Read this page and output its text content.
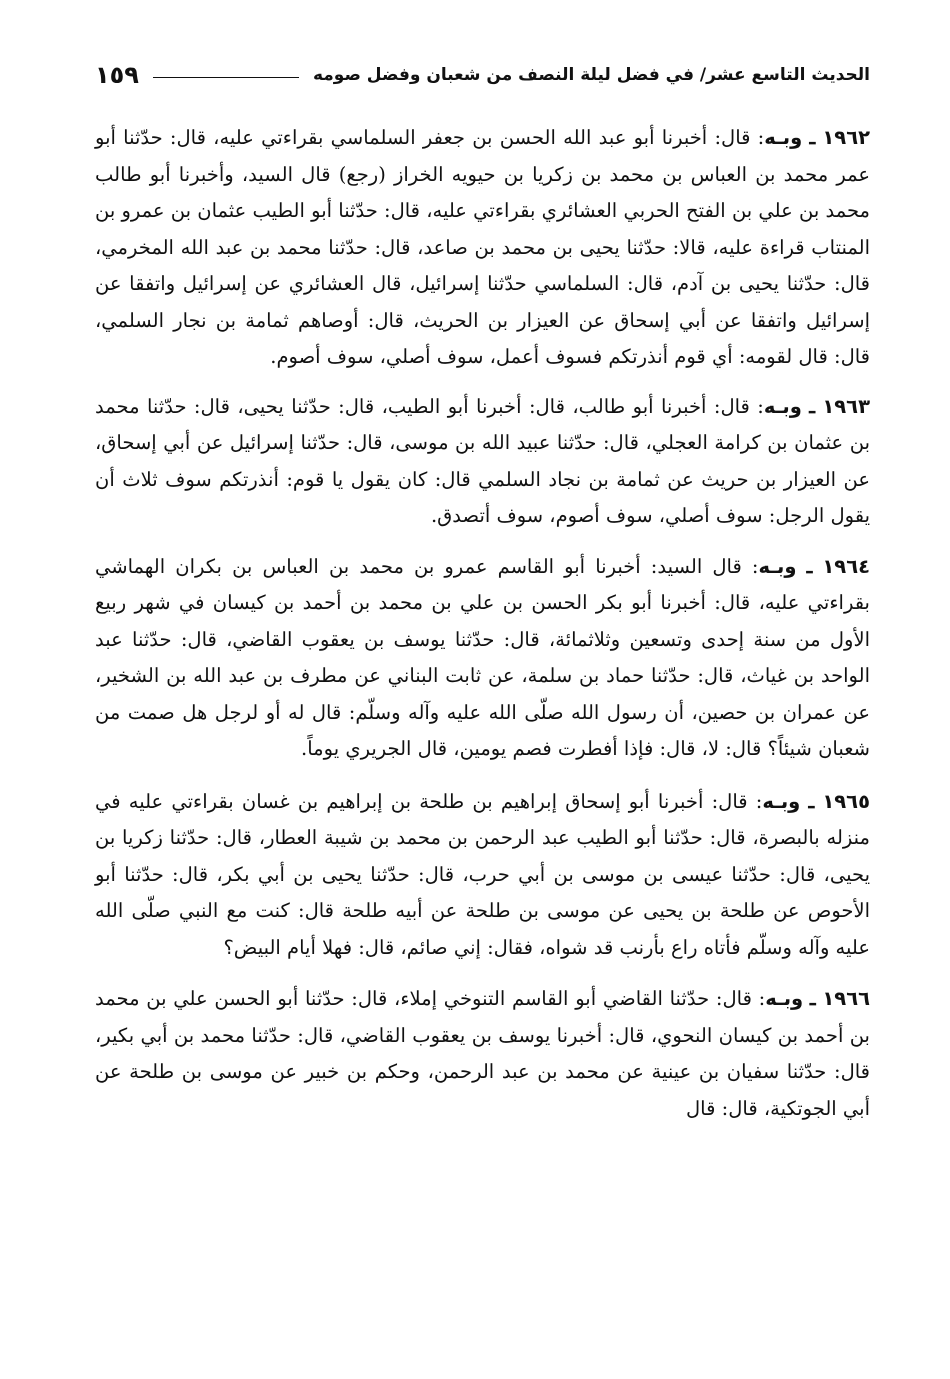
الحديث التاسع عشر/ في فضل ليلة النصف من شعبان وفضل صومه
١٥٩

١٩٦٢ ـ وبـه: قال: أخبرنا أبو عبد الله الحسن بن جعفر السلماسي بقراءتي عليه، قال: حدّثنا أبو عمر محمد بن العباس بن محمد بن زكريا بن حيويه الخراز (رجع) قال السيد، وأخبرنا أبو طالب محمد بن علي بن الفتح الحربي العشائري بقراءتي عليه، قال: حدّثنا أبو الطيب عثمان بن عمرو بن المنتاب قراءة عليه، قالا: حدّثنا يحيى بن محمد بن صاعد، قال: حدّثنا محمد بن عبد الله المخرمي، قال: حدّثنا يحيى بن آدم، قال: السلماسي حدّثنا إسرائيل، قال العشائري عن إسرائيل واتفقا عن إسرائيل واتفقا عن أبي إسحاق عن العيزار بن الحريث، قال: أوصاهم ثمامة بن نجار السلمي، قال: قال لقومه: أي قوم أنذرتكم فسوف أعمل، سوف أصلي، سوف أصوم.

١٩٦٣ ـ وبـه: قال: أخبرنا أبو طالب، قال: أخبرنا أبو الطيب، قال: حدّثنا يحيى، قال: حدّثنا محمد بن عثمان بن كرامة العجلي، قال: حدّثنا عبيد الله بن موسى، قال: حدّثنا إسرائيل عن أبي إسحاق، عن العيزار بن حريث عن ثمامة بن نجاد السلمي قال: كان يقول يا قوم: أنذرتكم سوف ثلاث أن يقول الرجل: سوف أصلي، سوف أصوم، سوف أتصدق.

١٩٦٤ ـ وبـه: قال السيد: أخبرنا أبو القاسم عمرو بن محمد بن العباس بن بكران الهماشي بقراءتي عليه، قال: أخبرنا أبو بكر الحسن بن علي بن محمد بن أحمد بن كيسان في شهر ربيع الأول من سنة إحدى وتسعين وثلاثمائة، قال: حدّثنا يوسف بن يعقوب القاضي، قال: حدّثنا عبد الواحد بن غياث، قال: حدّثنا حماد بن سلمة، عن ثابت البناني عن مطرف بن عبد الله بن الشخير، عن عمران بن حصين، أن رسول الله صلّى الله عليه وآله وسلّم: قال له أو لرجل هل صمت من شعبان شيئاً؟ قال: لا، قال: فإذا أفطرت فصم يومين، قال الجريري يوماً.

١٩٦٥ ـ وبـه: قال: أخبرنا أبو إسحاق إبراهيم بن طلحة بن إبراهيم بن غسان بقراءتي عليه في منزله بالبصرة، قال: حدّثنا أبو الطيب عبد الرحمن بن محمد بن شيبة العطار، قال: حدّثنا زكريا بن يحيى، قال: حدّثنا عيسى بن موسى بن أبي حرب، قال: حدّثنا يحيى بن أبي بكر، قال: حدّثنا أبو الأحوص عن طلحة بن يحيى عن موسى بن طلحة عن أبيه طلحة قال: كنت مع النبي صلّى الله عليه وآله وسلّم فأتاه راع بأرنب قد شواه، فقال: إني صائم، قال: فهلا أيام البيض؟

١٩٦٦ ـ وبـه: قال: حدّثنا القاضي أبو القاسم التنوخي إملاء، قال: حدّثنا أبو الحسن علي بن محمد بن أحمد بن كيسان النحوي، قال: أخبرنا يوسف بن يعقوب القاضي، قال: حدّثنا محمد بن أبي بكير، قال: حدّثنا سفيان بن عينية عن محمد بن عبد الرحمن، وحكم بن خبير عن موسى بن طلحة عن أبي الجوتكية، قال: قال
